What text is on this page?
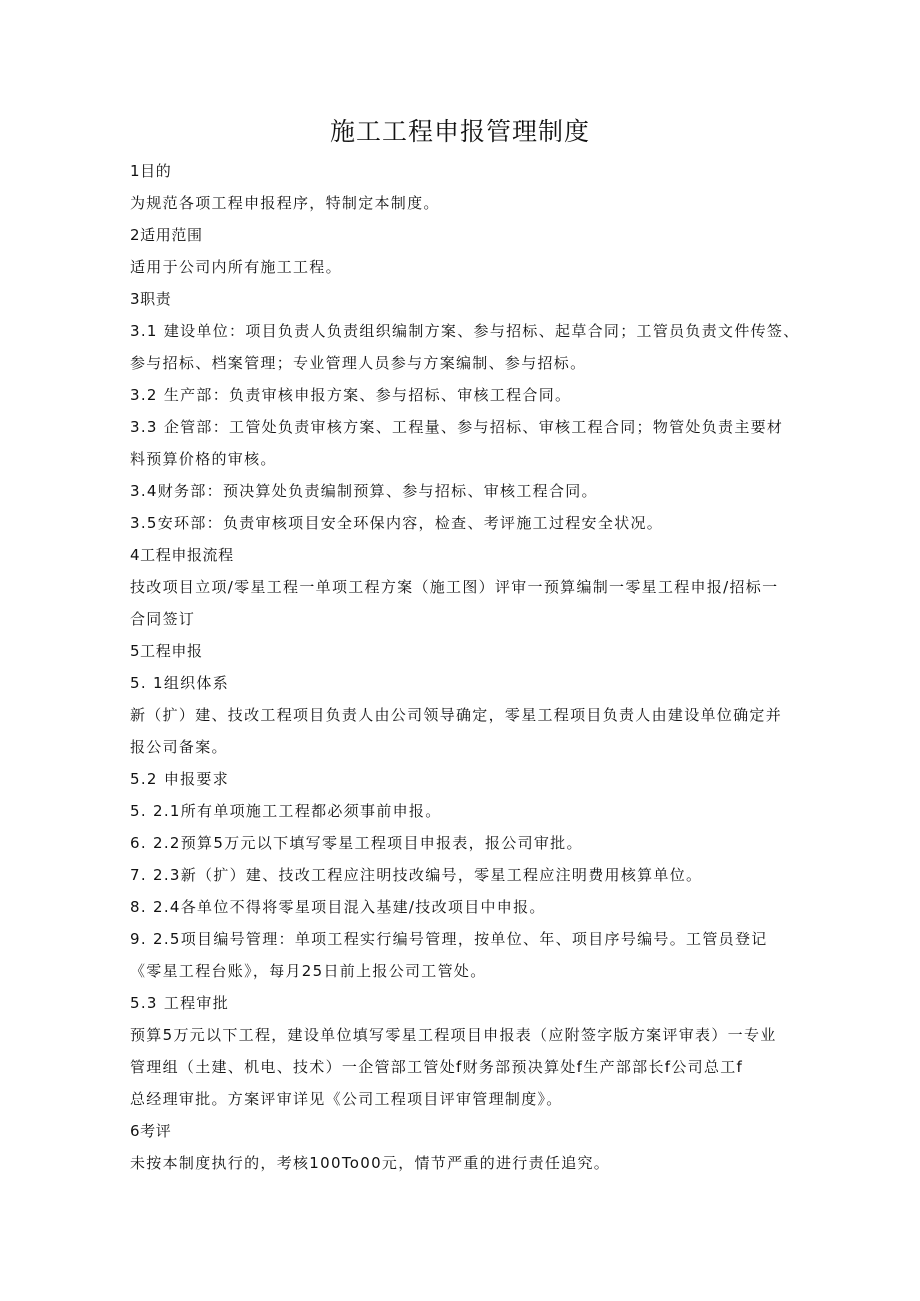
施工工程申报管理制度
1目的
为规范各项工程申报程序，特制定本制度。
2适用范围
适用于公司内所有施工工程。
3职责
3.1 建设单位：项目负责人负责组织编制方案、参与招标、起草合同；工管员负责文件传签、
参与招标、档案管理；专业管理人员参与方案编制、参与招标。
3.2 生产部：负责审核申报方案、参与招标、审核工程合同。
3.3 企管部：工管处负责审核方案、工程量、参与招标、审核工程合同；物管处负责主要材
料预算价格的审核。
3.4财务部：预决算处负责编制预算、参与招标、审核工程合同。
3.5安环部：负责审核项目安全环保内容，检查、考评施工过程安全状况。
4工程申报流程
技改项目立项/零星工程一单项工程方案（施工图）评审一预算编制一零星工程申报/招标一
合同签订
5工程申报
5. 1组织体系
新（扩）建、技改工程项目负责人由公司领导确定，零星工程项目负责人由建设单位确定并
报公司备案。
5.2 申报要求
5. 2.1所有单项施工工程都必须事前申报。
6. 2.2预算5万元以下填写零星工程项目申报表，报公司审批。
7. 2.3新（扩）建、技改工程应注明技改编号，零星工程应注明费用核算单位。
8. 2.4各单位不得将零星项目混入基建/技改项目中申报。
9. 2.5项目编号管理：单项工程实行编号管理，按单位、年、项目序号编号。工管员登记
《零星工程台账》，每月25日前上报公司工管处。
5.3 工程审批
预算5万元以下工程，建设单位填写零星工程项目申报表（应附签字版方案评审表）一专业
管理组（土建、机电、技术）一企管部工管处f财务部预决算处f生产部部长f公司总工f
总经理审批。方案评审详见《公司工程项目评审管理制度》。
6考评
未按本制度执行的，考核100To00元，情节严重的进行责任追究。
